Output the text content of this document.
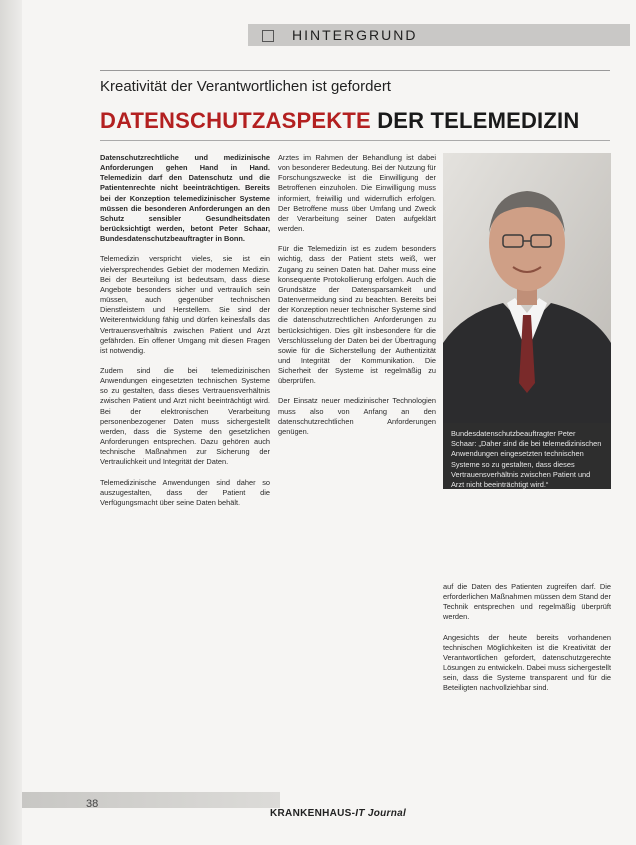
HINTERGRUND
Kreativität der Verantwortlichen ist gefordert
DATENSCHUTZASPEKTE DER TELEMEDIZIN

Datenschutzrechtliche und medizinische Anforderungen gehen Hand in Hand. Telemedizin darf den Datenschutz und die Patientenrechte nicht beeinträchtigen. Bereits bei der Konzeption telemedizinischer Systeme müssen die besonderen Anforderungen an den Schutz sensibler Gesundheitsdaten berücksichtigt werden, betont Peter Schaar, Bundesdatenschutzbeauftragter in Bonn.

Telemedizin verspricht vieles, sie ist ein vielversprechendes Gebiet der modernen Medizin. Bei der Beurteilung ist bedeutsam, dass diese Angebote besonders sicher und vertraulich sein müssen, auch gegenüber technischen Dienstleistern und Herstellern. Sie sind der Weiterentwicklung fähig und dürfen keinesfalls das Vertrauensverhältnis zwischen Patient und Arzt gefährden. Ein offener Umgang mit diesen Fragen ist notwendig.

Zudem sind die bei telemedizinischen Anwendungen eingesetzten technischen Systeme so zu gestalten, dass dieses Vertrauensverhältnis zwischen Patient und Arzt nicht beeinträchtigt wird. Bei der elektronischen Verarbeitung personenbezogener Daten muss sichergestellt werden, dass die Systeme den gesetzlichen Anforderungen entsprechen. Dazu gehören auch technische Maßnahmen zur Sicherung der Vertraulichkeit und Integrität der Daten.

Telemedizinische Anwendungen sind daher so auszugestalten, dass der Patient die Verfügungsmacht über seine Daten behält.

Arztes im Rahmen der Behandlung ist dabei von besonderer Bedeutung. Bei der Nutzung für Forschungszwecke ist die Einwilligung der Betroffenen einzuholen. Die Einwilligung muss informiert, freiwillig und widerruflich erfolgen. Der Betroffene muss über Umfang und Zweck der Verarbeitung seiner Daten aufgeklärt werden.

Für die Telemedizin ist es zudem besonders wichtig, dass der Patient stets weiß, wer Zugang zu seinen Daten hat. Daher muss eine konsequente Protokollierung erfolgen. Auch die Grundsätze der Datensparsamkeit und Datenvermeidung sind zu beachten. Bereits bei der Konzeption neuer technischer Systeme sind die datenschutzrechtlichen Anforderungen zu berücksichtigen. Dies gilt insbesondere für die Verschlüsselung der Daten bei der Übertragung sowie für die Sicherstellung der Authentizität und Integrität der Kommunikation. Die Sicherheit der Systeme ist regelmäßig zu überprüfen.

Der Einsatz neuer medizinischer Technologien muss also von Anfang an den datenschutzrechtlichen Anforderungen genügen.	Bundesdatenschutzbeauftragter Peter Schaar: „Daher sind die bei telemedizinischen Anwendungen eingesetzten technischen Systeme so zu gestalten, dass dieses Vertrauensverhältnis zwischen Patient und Arzt nicht beeinträchtigt wird.“

auf die Daten des Patienten zugreifen darf. Die erforderlichen Maßnahmen müssen dem Stand der Technik entsprechen und regelmäßig überprüft werden.

Angesichts der heute bereits vorhandenen technischen Möglichkeiten ist die Kreativität der Verantwortlichen gefordert, datenschutzgerechte Lösungen zu entwickeln. Dabei muss sichergestellt sein, dass die Systeme transparent und für die Beteiligten nachvollziehbar sind.

38
KRANKENHAUS-IT Journal
